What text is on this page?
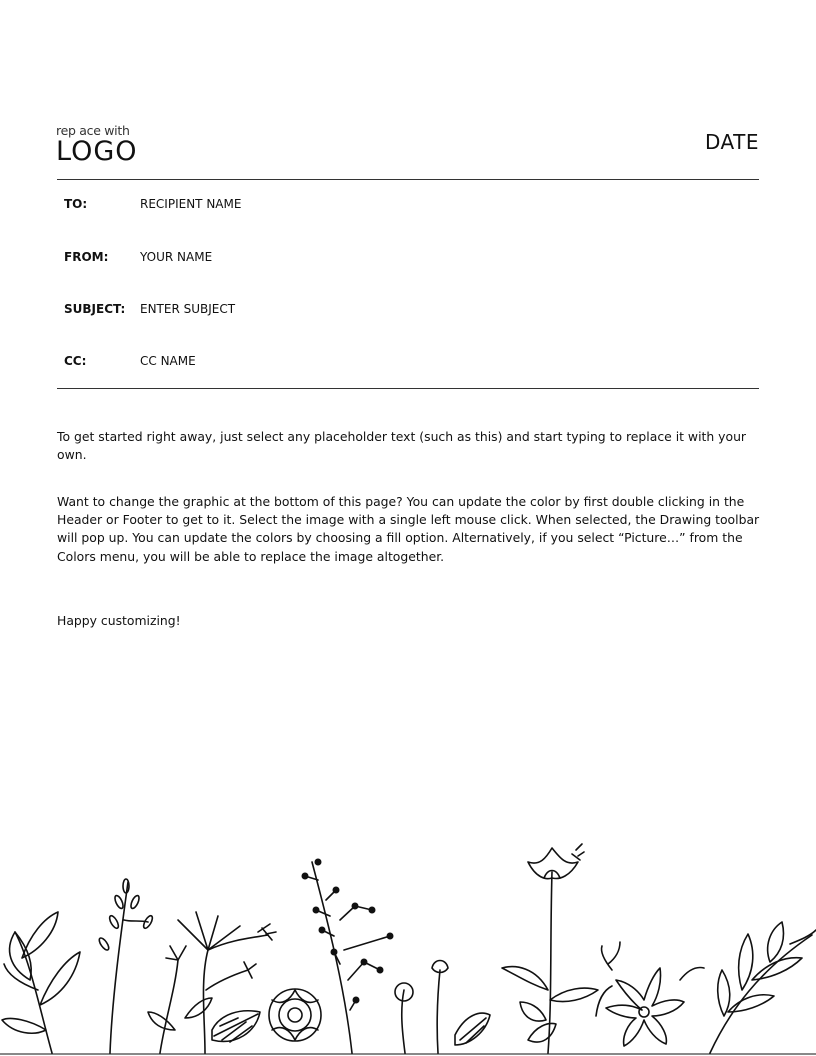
rep ace with
LOGO	DATE
TO:	RECIPIENT NAME
FROM:	YOUR NAME
SUBJECT: ENTER SUBJECT
CC:	CC NAME
To get started right away, just select any placeholder text (such as this) and start typing to replace it with your own.
Want to change the graphic at the bottom of this page? You can update the color by first double clicking in the Header or Footer to get to it. Select the image with a single left mouse click. When selected, the Drawing toolbar will pop up. You can update the colors by choosing a fill option. Alternatively, if you select “Picture…” from the Colors menu, you will be able to replace the image altogether.
Happy customizing!
